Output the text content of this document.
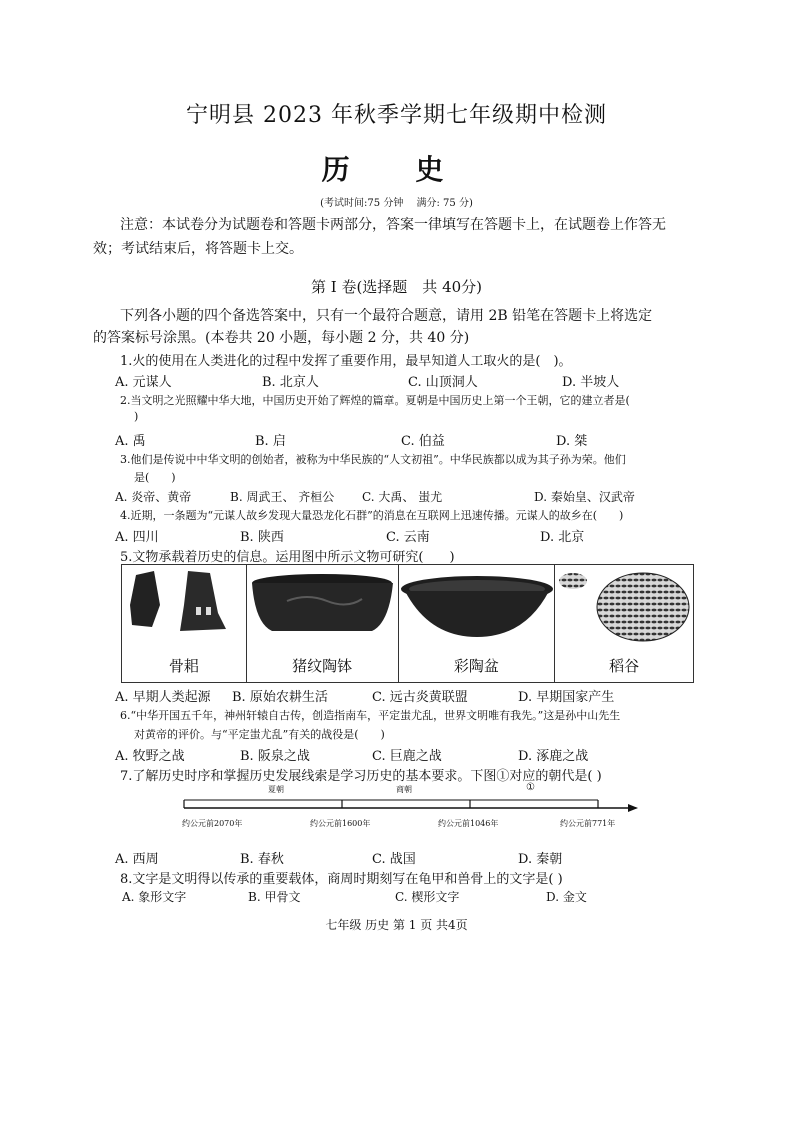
宁明县 2023 年秋季学期七年级期中检测
历 史
(考试时间:75 分钟　 满分: 75 分)
注意：本试卷分为试题卷和答题卡两部分，答案一律填写在答题卡上，在试题卷上作答无
效；考试结束后，将答题卡上交。
第 I 卷(选择题　共 40分)
下列各小题的四个备选答案中，只有一个最符合题意，请用 2B 铅笔在答题卡上将选定
的答案标号涂黑。(本卷共 20 小题，每小题 2 分，共 40 分)
1.火的使用在人类进化的过程中发挥了重要作用，最早知道人工取火的是(　)。
A. 元谋人	B. 北京人	C. 山顶洞人	D. 半坡人
2.当文明之光照耀中华大地，中国历史开始了辉煌的篇章。夏朝是中国历史上第一个王朝，它的建立者是(
)
A. 禹	B. 启	C. 伯益	D. 桀
3.他们是传说中中华文明的创始者，被称为中华民族的“人文初祖”。中华民族都以成为其子孙为荣。他们
是(　　)
A. 炎帝、黄帝	B. 周武王、 齐桓公 C. 大禹、 蚩尤	D. 秦始皇、汉武帝
4.近期，一条题为“元谋人故乡发现大量恐龙化石群”的消息在互联网上迅速传播。元谋人的故乡在(　　)
A. 四川	B. 陕西	C. 云南	D. 北京
5.文物承载着历史的信息。运用图中所示文物可研究(　　)
骨耜	猪纹陶钵	彩陶盆	稻谷
A. 早期人类起源 B. 原始农耕生活	C. 远古炎黄联盟	D. 早期国家产生
6.“中华开国五千年，神州轩辕自古传，创造指南车，平定蚩尤乱，世界文明唯有我先。”这是孙中山先生
对黄帝的评价。与“平定蚩尤乱”有关的战役是(　　)
A. 牧野之战	B. 阪泉之战	C. 巨鹿之战	D. 涿鹿之战
7.了解历史时序和掌握历史发展线索是学习历史的基本要求。下图①对应的朝代是( )
夏朝	商朝	①
约公元前2070年	约公元前1600年	约公元前1046年	约公元前771年
A. 西周	B. 春秋	C. 战国	D. 秦朝
8.文字是文明得以传承的重要载体，商周时期刻写在龟甲和兽骨上的文字是( )
A. 象形文字	B. 甲骨文	C. 楔形文字	D. 金文
七年级 历史 第 1 页 共4页
